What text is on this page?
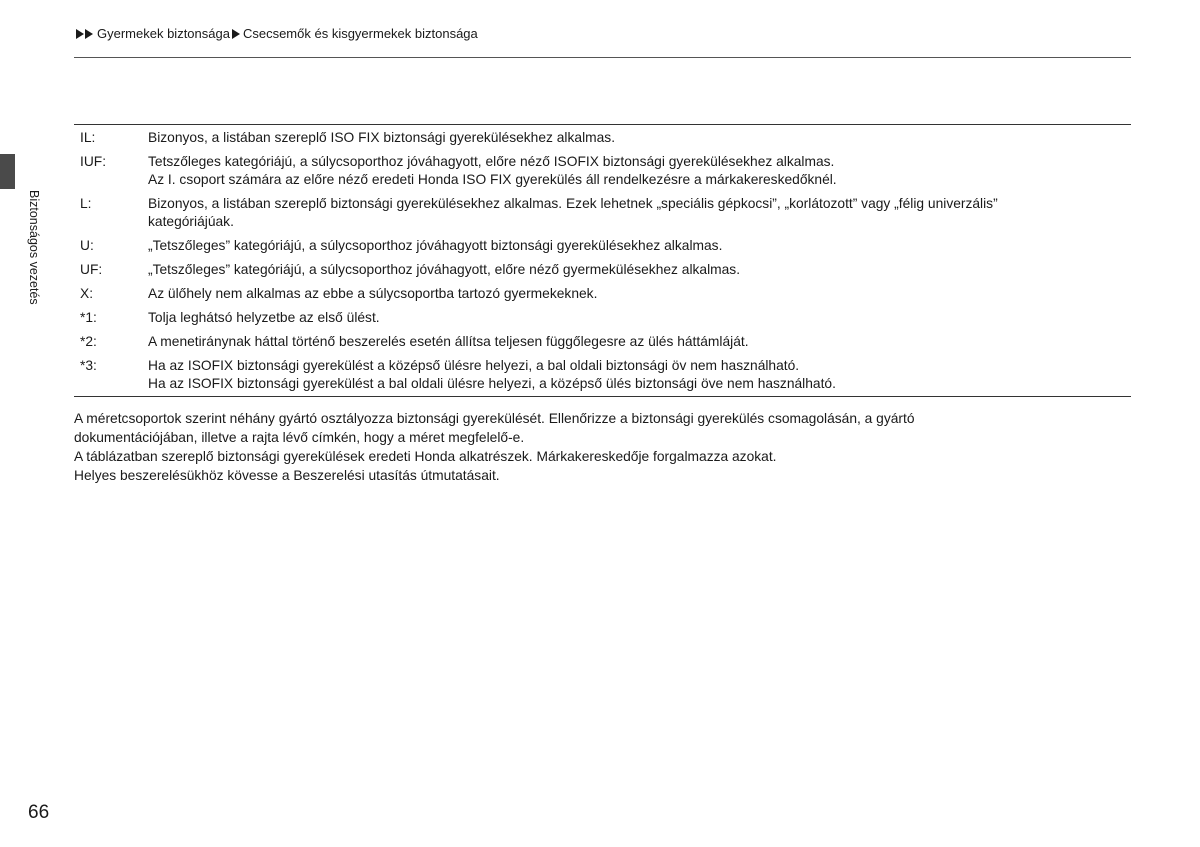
Gyermekek biztonsága Csecsemők és kisgyermekek biztonsága
Biztonságos vezetés
IL:	Bizonyos, a listában szereplő ISO FIX biztonsági gyerekülésekhez alkalmas.
IUF:	Tetszőleges kategóriájú, a súlycsoporthoz jóváhagyott, előre néző ISOFIX biztonsági gyerekülésekhez alkalmas.
Az I. csoport számára az előre néző eredeti Honda ISO FIX gyerekülés áll rendelkezésre a márkakereskedőknél.
L:	Bizonyos, a listában szereplő biztonsági gyerekülésekhez alkalmas. Ezek lehetnek „speciális gépkocsi”, „korlátozott” vagy „félig univerzális”
kategóriájúak.
U:	„Tetszőleges” kategóriájú, a súlycsoporthoz jóváhagyott biztonsági gyerekülésekhez alkalmas.
UF:	„Tetszőleges” kategóriájú, a súlycsoporthoz jóváhagyott, előre néző gyermekülésekhez alkalmas.
X:	Az ülőhely nem alkalmas az ebbe a súlycsoportba tartozó gyermekeknek.
*1:	Tolja leghátsó helyzetbe az első ülést.
*2:	A menetiránynak háttal történő beszerelés esetén állítsa teljesen függőlegesre az ülés háttámláját.
*3:	Ha az ISOFIX biztonsági gyerekülést a középső ülésre helyezi, a bal oldali biztonsági öv nem használható.
Ha az ISOFIX biztonsági gyerekülést a bal oldali ülésre helyezi, a középső ülés biztonsági öve nem használható.

A méretcsoportok szerint néhány gyártó osztályozza biztonsági gyerekülését. Ellenőrizze a biztonsági gyerekülés csomagolásán, a gyártó

dokumentációjában, illetve a rajta lévő címkén, hogy a méret megfelelő-e.

A táblázatban szereplő biztonsági gyerekülések eredeti Honda alkatrészek. Márkakereskedője forgalmazza azokat.

Helyes beszerelésükhöz kövesse a Beszerelési utasítás útmutatásait.

66
